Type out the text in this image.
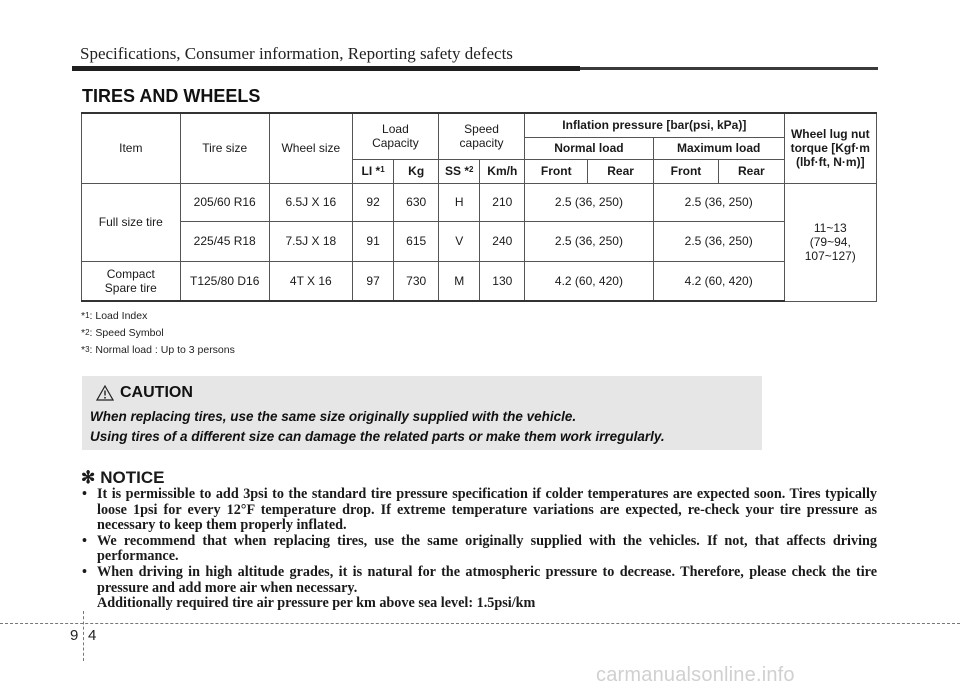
Specifications, Consumer information, Reporting safety defects
TIRES AND WHEELS
Item	Tire size	Wheel size	Load Capacity		Speed capacity		Inflation pressure [bar(psi, kPa)]				Wheel lug nut torque [Kgf·m (lbf·ft, N·m)]
							Normal load		Maximum load		
			LI *$^1$	Kg	SS *$^2$	Km/h	Front	Rear	Front	Rear	
Full size tire	205/60 R16	6.5J X 16	92	630	H	210	2.5 (36, 250)		2.5 (36, 250)		11~13 (79~94, 107~127)
	225/45 R18	7.5J X 18	91	615	V	240	2.5 (36, 250)		2.5 (36, 250)		
Compact Spare tire	T125/80 D16	4T X 16	97	730	M	130	4.2 (60, 420)		4.2 (60, 420)		
*$^1$: Load Index
*$^2$: Speed Symbol
*$^3$: Normal load : Up to 3 persons
CAUTION
When replacing tires, use the same size originally supplied with the vehicle.
Using tires of a different size can damage the related parts or make them work irregularly.
✻ NOTICE
• It is permissible to add 3psi to the standard tire pressure specification if colder temperatures are expected soon. Tires typically loose 1psi for every 12°F temperature drop. If extreme temperature variations are expected, re-check your tire pressure as necessary to keep them properly inflated.
• We recommend that when replacing tires, use the same originally supplied with the vehicles. If not, that affects driving performance.
• When driving in high altitude grades, it is natural for the atmospheric pressure to decrease. Therefore, please check the tire pressure and add more air when necessary.
Additionally required tire air pressure per km above sea level: 1.5psi/km
9 4
carmanualsonline.info
